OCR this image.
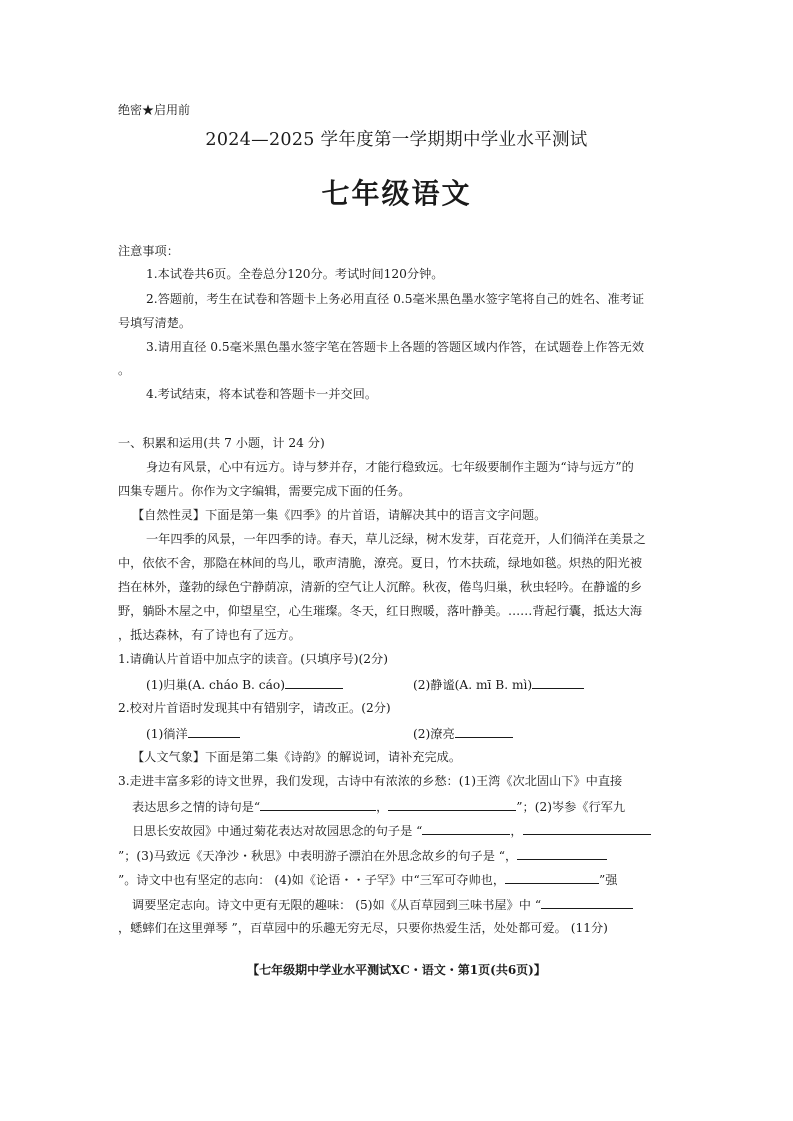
绝密★启用前
2024—2025 学年度第一学期期中学业水平测试
七年级语文
注意事项：
1.本试卷共6页。全卷总分120分。考试时间120分钟。
2.答题前，考生在试卷和答题卡上务必用直径 0.5毫米黑色墨水签字笔将自己的姓名、准考证
号填写清楚。
3.请用直径 0.5毫米黑色墨水签字笔在答题卡上各题的答题区域内作答，在试题卷上作答无效
。
4.考试结束，将本试卷和答题卡一并交回。
一、积累和运用(共 7 小题，计 24 分)
身边有风景，心中有远方。诗与梦并存，才能行稳致远。七年级要制作主题为“诗与远方”的
四集专题片。你作为文字编辑，需要完成下面的任务。
【自然性灵】下面是第一集《四季》的片首语，请解决其中的语言文字问题。
一年四季的风景，一年四季的诗。春天，草儿泛绿，树木发芽，百花竞开，人们徜洋在美景之
中，依依不舍，那隐在林间的鸟儿，歌声清脆，潦亮。夏日，竹木扶疏，绿地如毯。炽热的阳光被
挡在林外，蓬勃的绿色宁静荫凉，清新的空气让人沉醉。秋夜，倦鸟归巢，秋虫轻吟。在静谧的乡
野，躺卧木屋之中，仰望星空，心生璀璨。冬天，红日煦暖，落叶静美。……背起行囊，抵达大海
，抵达森林，有了诗也有了远方。
1.请确认片首语中加点字的读音。(只填序号)(2分)
(1)归巢(A. cháo B. cáo)	(2)静谧(A. mī B. mì)
2.校对片首语时发现其中有错别字，请改正。(2分)
(1)徜洋	(2)潦亮
【人文气象】下面是第二集《诗韵》的解说词，请补充完成。
3.走进丰富多彩的诗文世界，我们发现，古诗中有浓浓的乡愁：(1)王湾《次北固山下》中直接
表达思乡之情的诗句是“	，	”；(2)岑参《行军九
日思长安故园》中通过菊花表达对故园思念的句子是 “	，
”；(3)马致远《天净沙・秋思》中表明游子漂泊在外思念故乡的句子是 “，
”。诗文中也有坚定的志向： (4)如《论语・・子罕》中“三军可夺帅也，	”强
调要坚定志向。诗文中更有无限的趣味： (5)如《从百草园到三味书屋》中 “
，蟋蟀们在这里弹琴 ”，百草园中的乐趣无穷无尽，只要你热爱生活，处处都可爱。 (11分)
【七年级期中学业水平测试XC・语文・第1页(共6页)】
